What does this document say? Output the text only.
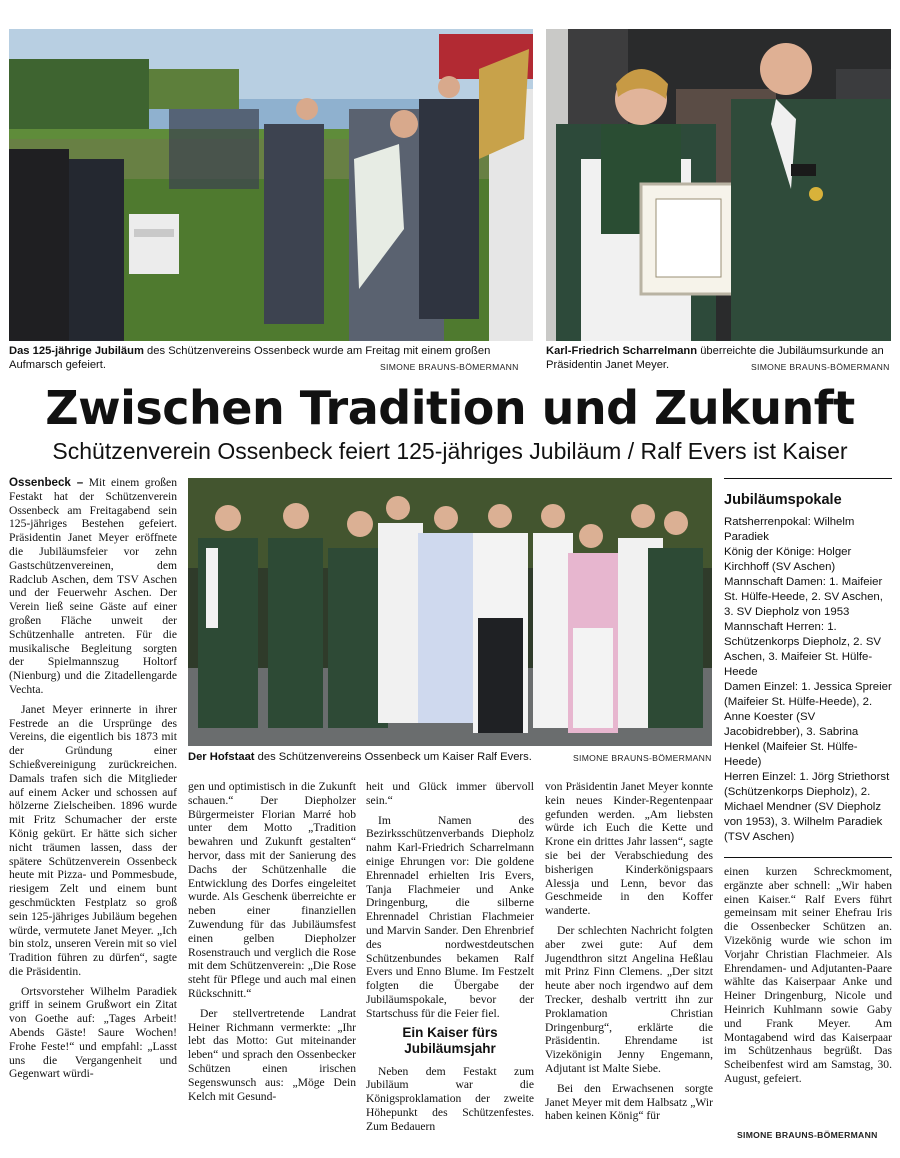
Das 125-jährige Jubiläum des Schützenvereins Ossenbeck wurde am Freitag mit einem großen Aufmarsch gefeiert.	SIMONE BRAUNS-BÖMERMANN
Karl-Friedrich Scharrelmann überreichte die Jubiläumsurkunde an Präsidentin Janet Meyer.	SIMONE BRAUNS-BÖMERMANN
Zwischen Tradition und Zukunft
Schützenverein Ossenbeck feiert 125-jähriges Jubiläum / Ralf Evers ist Kaiser
Der Hofstaat des Schützenvereins Ossenbeck um Kaiser Ralf Evers.	SIMONE BRAUNS-BÖMERMANN

Ossenbeck – Mit einem großen Festakt hat der Schützenverein Ossenbeck am Freitagabend sein 125-jähriges Bestehen gefeiert. Präsidentin Janet Meyer eröffnete die Jubiläumsfeier vor zehn Gastschützenvereinen, dem Radclub Aschen, dem TSV Aschen und der Feuerwehr Aschen. Der Verein ließ seine Gäste auf einer großen Fläche unweit der Schützenhalle antreten. Für die musikalische Begleitung sorgten der Spielmannszug Holtorf (Nienburg) und die Zitadellengarde Vechta.

Janet Meyer erinnerte in ihrer Festrede an die Ursprünge des Vereins, die eigentlich bis 1873 mit der Gründung einer Schießvereinigung zurückreichen. Damals trafen sich die Mitglieder auf einem Acker und schossen auf hölzerne Zielscheiben. 1896 wurde mit Fritz Schumacher der erste König gekürt. Er hätte sich sicher nicht träumen lassen, dass der spätere Schützenverein Ossenbeck heute mit Pizza- und Pommesbude, riesigem Zelt und einem bunt geschmückten Festplatz so groß sein 125-jähriges Jubiläum begehen würde, vermutete Janet Meyer. „Ich bin stolz, unseren Verein mit so viel Tradition führen zu dürfen“, sagte die Präsidentin.

Ortsvorsteher Wilhelm Paradiek griff in seinem Grußwort ein Zitat von Goethe auf: „Tages Arbeit! Abends Gäste! Saure Wochen! Frohe Feste!“ und empfahl: „Lasst uns die Vergangenheit und Gegenwart würdi-

gen und optimistisch in die Zukunft schauen.“ Der Diepholzer Bürgermeister Florian Marré hob unter dem Motto „Tradition bewahren und Zukunft gestalten“ hervor, dass mit der Sanierung des Dachs der Schützenhalle die Entwicklung des Dorfes eingeleitet wurde. Als Geschenk überreichte er neben einer finanziellen Zuwendung für das Jubiläumsfest einen gelben Diepholzer Rosenstrauch und verglich die Rose mit dem Schützenverein: „Die Rose steht für Pflege und auch mal einen Rückschnitt.“

Der stellvertretende Landrat Heiner Richmann vermerkte: „Ihr lebt das Motto: Gut miteinander leben“ und sprach den Ossenbecker Schützen einen irischen Segenswunsch aus: „Möge Dein Kelch mit Gesund-

heit und Glück immer übervoll sein.“

Im Namen des Bezirksschützenverbands Diepholz nahm Karl-Friedrich Scharrelmann einige Ehrungen vor: Die goldene Ehrennadel erhielten Iris Evers, Tanja Flachmeier und Anke Dringenburg, die silberne Ehrennadel Christian Flachmeier und Marvin Sander. Den Ehrenbrief des nordwestdeutschen Schützenbundes bekamen Ralf Evers und Enno Blume. Im Festzelt folgten die Übergabe der Jubiläumspokale, bevor der Startschuss für die Feier fiel.

Ein Kaiser fürs Jubiläumsjahr

Neben dem Festakt zum Jubiläum war die Königsproklamation der zweite Höhepunkt des Schützenfestes. Zum Bedauern

von Präsidentin Janet Meyer konnte kein neues Kinder-Regentenpaar gefunden werden. „Am liebsten würde ich Euch die Kette und Krone ein drittes Jahr lassen“, sagte sie bei der Verabschiedung des bisherigen Kinderkönigspaars Alessja und Lenn, bevor das Geschmeide in den Koffer wanderte.

Der schlechten Nachricht folgten aber zwei gute: Auf dem Jugendthron sitzt Angelina Heßlau mit Prinz Finn Clemens. „Der sitzt heute aber noch irgendwo auf dem Trecker, deshalb vertritt ihn zur Proklamation Christian Dringenburg“, erklärte die Präsidentin. Ehrendame ist Vizekönigin Jenny Engemann, Adjutant ist Malte Siebe.

Bei den Erwachsenen sorgte Janet Meyer mit dem Halbsatz „Wir haben keinen König“ für

Jubiläumspokale
Ratsherrenpokal: Wilhelm Paradiek
König der Könige: Holger Kirchhoff (SV Aschen)
Mannschaft Damen: 1. Maifeier St. Hülfe-Heede, 2. SV Aschen, 3. SV Diepholz von 1953
Mannschaft Herren: 1. Schützenkorps Diepholz, 2. SV Aschen, 3. Maifeier St. Hülfe-Heede
Damen Einzel: 1. Jessica Spreier (Maifeier St. Hülfe-Heede), 2. Anne Koester (SV Jacobidrebber), 3. Sabrina Henkel (Maifeier St. Hülfe-Heede)
Herren Einzel: 1. Jörg Striethorst (Schützenkorps Diepholz), 2. Michael Mendner (SV Diepholz von 1953), 3. Wilhelm Paradiek (TSV Aschen)

einen kurzen Schreckmoment, ergänzte aber schnell: „Wir haben einen Kaiser.“ Ralf Evers führt gemeinsam mit seiner Ehefrau Iris die Ossenbecker Schützen an. Vizekönig wurde wie schon im Vorjahr Christian Flachmeier. Als Ehrendamen- und Adjutanten-Paare wählte das Kaiserpaar Anke und Heiner Dringenburg, Nicole und Heinrich Kuhlmann sowie Gaby und Frank Meyer. Am Montagabend wird das Kaiserpaar im Schützenhaus begrüßt. Das Scheibenfest wird am Samstag, 30. August, gefeiert.

SIMONE BRAUNS-BÖMERMANN
